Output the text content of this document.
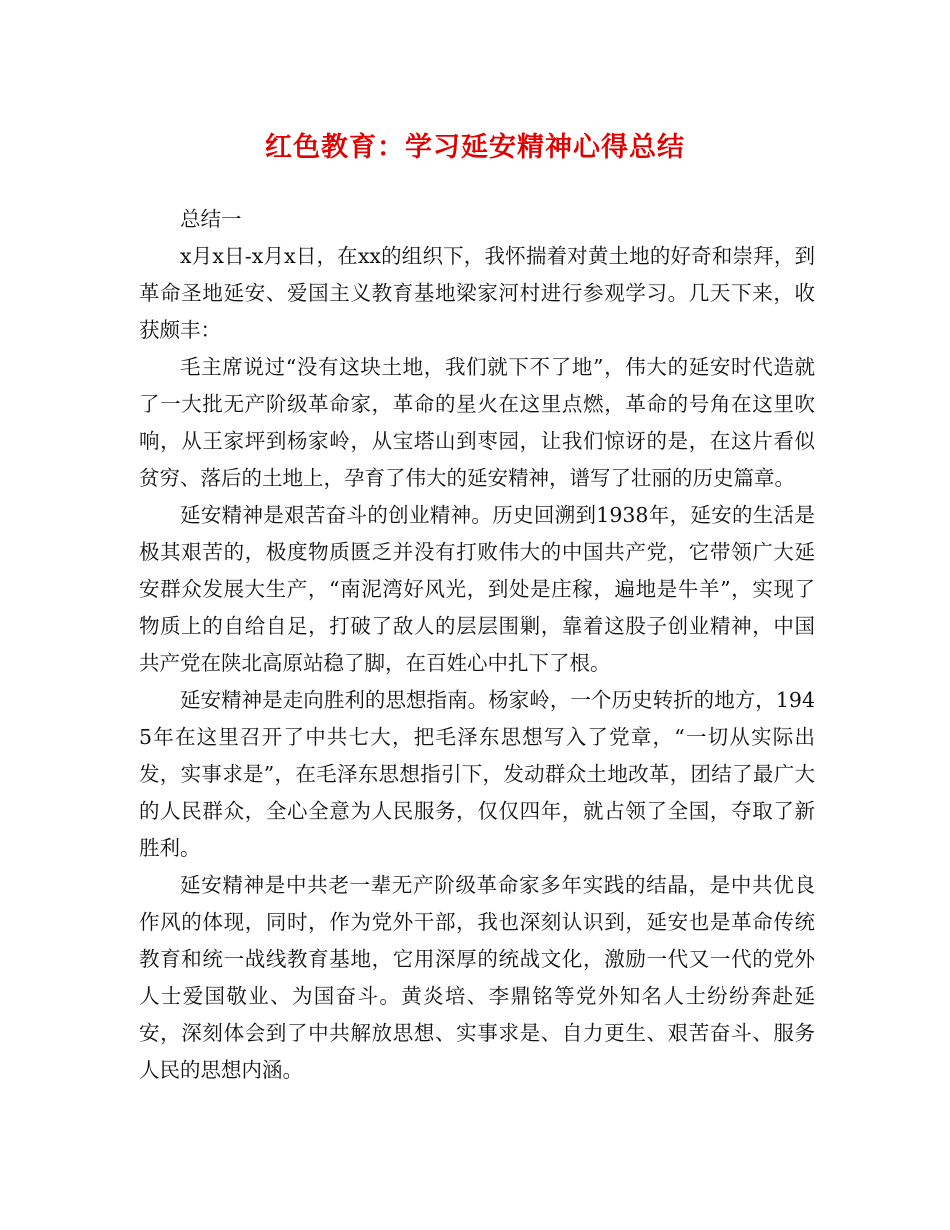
红色教育：学习延安精神心得总结

总结一

x月x日-x月x日，在xx的组织下，我怀揣着对黄土地的好奇和崇拜，到革命圣地延安、爱国主义教育基地梁家河村进行参观学习。几天下来，收获颇丰：

毛主席说过“没有这块土地，我们就下不了地”，伟大的延安时代造就了一大批无产阶级革命家，革命的星火在这里点燃，革命的号角在这里吹响，从王家坪到杨家岭，从宝塔山到枣园，让我们惊讶的是，在这片看似贫穷、落后的土地上，孕育了伟大的延安精神，谱写了壮丽的历史篇章。

延安精神是艰苦奋斗的创业精神。历史回溯到1938年，延安的生活是极其艰苦的，极度物质匮乏并没有打败伟大的中国共产党，它带领广大延安群众发展大生产，“南泥湾好风光，到处是庄稼，遍地是牛羊”，实现了物质上的自给自足，打破了敌人的层层围剿，靠着这股子创业精神，中国共产党在陕北高原站稳了脚，在百姓心中扎下了根。

延安精神是走向胜利的思想指南。杨家岭，一个历史转折的地方，1945年在这里召开了中共七大，把毛泽东思想写入了党章，“一切从实际出发，实事求是”，在毛泽东思想指引下，发动群众土地改革，团结了最广大的人民群众，全心全意为人民服务，仅仅四年，就占领了全国，夺取了新胜利。

延安精神是中共老一辈无产阶级革命家多年实践的结晶，是中共优良作风的体现，同时，作为党外干部，我也深刻认识到，延安也是革命传统教育和统一战线教育基地，它用深厚的统战文化，激励一代又一代的党外人士爱国敬业、为国奋斗。黄炎培、李鼎铭等党外知名人士纷纷奔赴延安，深刻体会到了中共解放思想、实事求是、自力更生、艰苦奋斗、服务人民的思想内涵。
